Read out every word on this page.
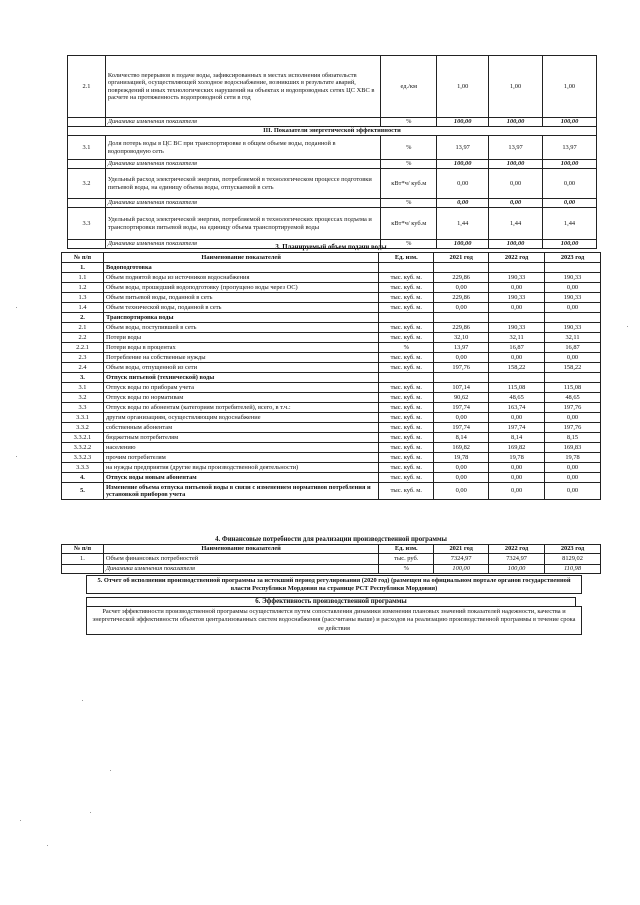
2.1	Количество перерывов в подаче воды, зафиксированных в местах исполнения обязательств организацией, осуществляющей холодное водоснабжение, возникших в результате аварий, повреждений и иных технологических нарушений на объектах и водопроводных сетях ЦС ХВС в расчете на протяженность водопроводной сети в год	ед./км	1,00	1,00	1,00
	Динамика изменения показателя	%	100,00	100,00	100,00
III. Показатели энергетической эффективности					
3.1	Доля потерь воды в ЦС ВС при транспортировке в общем объеме воды, поданной в водопроводную сеть	%	13,97	13,97	13,97
	Динамика изменения показателя	%	100,00	100,00	100,00
3.2	Удельный расход электрической энергии, потребляемой в технологическом процессе подготовки питьевой воды, на единицу объема воды, отпускаемой в сеть	кВт*ч/ куб.м	0,00	0,00	0,00
	Динамика изменения показателя	%	0,00	0,00	0,00
3.3	Удельный расход электрической энергии, потребляемой в технологических процессах подъема и транспортировки питьевой воды, на единицу объема транспортируемой воды	кВт*ч/ куб.м	1,44	1,44	1,44
	Динамика изменения показателя	%	100,00	100,00	100,00
3. Планируемый объем подачи воды
№ п/п	Наименование показателей	Ед. изм.	2021 год	2022 год	2023 год
1.	Водоподготовка				
1.1	Объем поднятой воды из источников водоснабжения	тыс. куб. м.	229,86	190,33	190,33
1.2	Объем воды, прошедший водоподготовку (пропущено воды через ОС)	тыс. куб. м.	0,00	0,00	0,00
1.3	Объем питьевой воды, поданной в сеть	тыс. куб. м.	229,86	190,33	190,33
1.4	Объем технической воды, поданной в сеть	тыс. куб. м.	0,00	0,00	0,00
2.	Транспортировка воды				
2.1	Объем воды, поступившей в сеть	тыс. куб. м.	229,86	190,33	190,33
2.2	Потери воды	тыс. куб. м.	32,10	32,11	32,11
2.2.1	Потери воды в процентах	%	13,97	16,87	16,87
2.3	Потребление на собственные нужды	тыс. куб. м.	0,00	0,00	0,00
2.4	Объем воды, отпущенной из сети	тыс. куб. м.	197,76	158,22	158,22
3.	Отпуск питьевой (технической) воды				
3.1	Отпуск воды по приборам учета	тыс. куб. м.	107,14	115,08	115,08
3.2	Отпуск воды по нормативам	тыс. куб. м.	90,62	48,65	48,65
3.3	Отпуск воды по абонентам (категориям потребителей), всего, в т.ч.:	тыс. куб. м.	197,74	163,74	197,76
3.3.1	другим организациям, осуществляющим водоснабжение	тыс. куб. м.	0,00	0,00	0,00
3.3.2	собственным абонентам	тыс. куб. м.	197,74	197,74	197,76
3.3.2.1	бюджетным потребителям	тыс. куб. м.	8,14	8,14	8,15
3.3.2.2	населению	тыс. куб. м.	169,82	169,82	169,83
3.3.2.3	прочим потребителям	тыс. куб. м.	19,78	19,78	19,78
3.3.3	на нужды предприятия (другие виды производственной деятельности)	тыс. куб. м.	0,00	0,00	0,00
4.	Отпуск воды новым абонентам	тыс. куб. м.	0,00	0,00	0,00
5.	Изменение объема отпуска питьевой воды в связи с изменением нормативов потребления и установкой приборов учета	тыс. куб. м.	0,00	0,00	0,00
4. Финансовые потребности для реализации производственной программы
№ п/п	Наименование показателей	Ед. изм.	2021 год	2022 год	2023 год
1.	Объем финансовых потребностей	тыс. руб.	7324,97	7324,97	8129,02
	Динамика изменения показателя	%	100,00	100,00	110,98
5. Отчет об исполнении производственной программы за истекший период регулирования (2020 год) (размещен на официальном портале органов государственной власти Республики Мордовия на странице РСТ Республики Мордовия)
6. Эффективность производственной программы
Расчет эффективности производственной программы осуществляется путем сопоставления динамики изменения плановых значений показателей надежности, качества и энергетической эффективности объектов централизованных систем водоснабжения (рассчитаны выше) и расходов на реализацию производственной программы в течение срока ее действия
